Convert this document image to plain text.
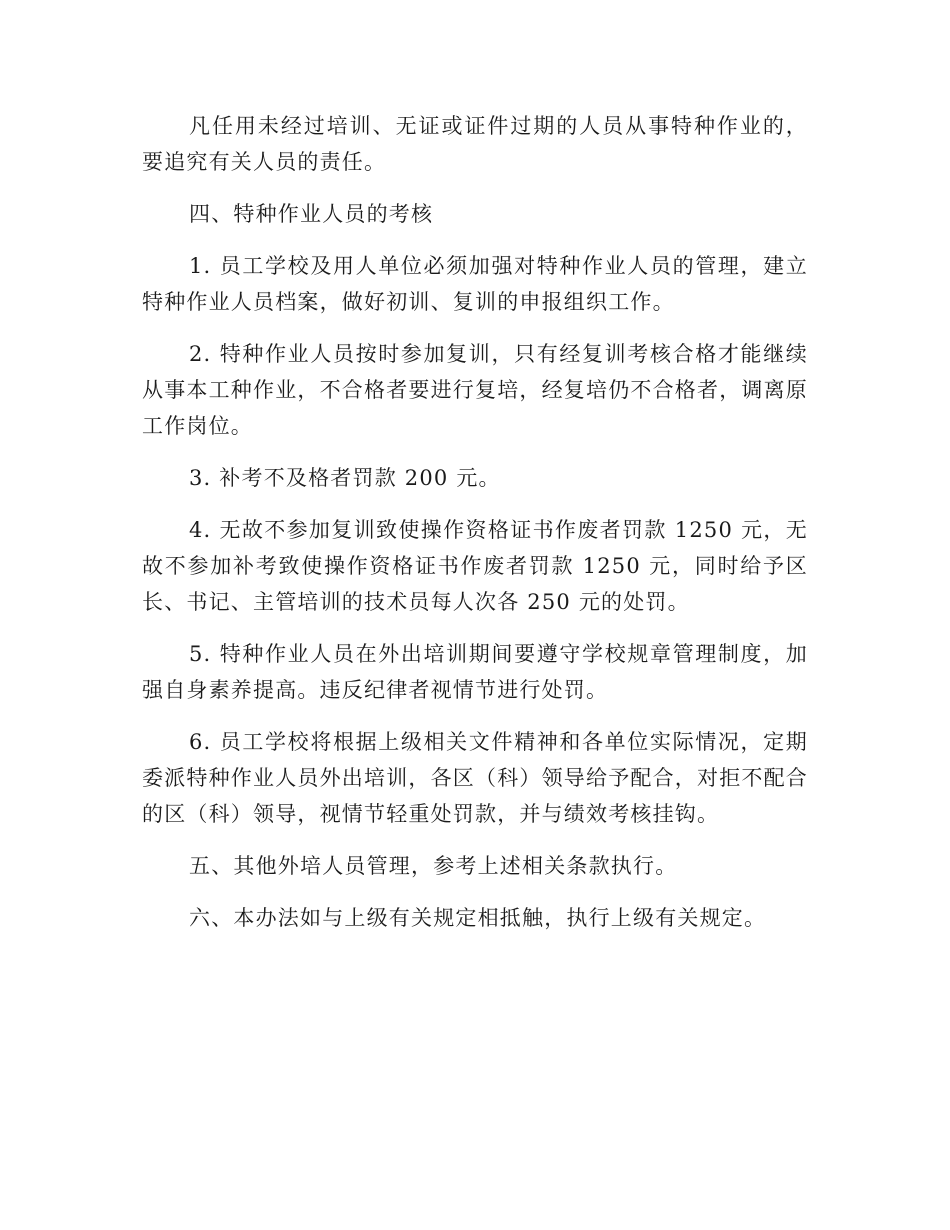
凡任用未经过培训、无证或证件过期的人员从事特种作业的，要追究有关人员的责任。

四、特种作业人员的考核

1. 员工学校及用人单位必须加强对特种作业人员的管理，建立特种作业人员档案，做好初训、复训的申报组织工作。

2. 特种作业人员按时参加复训，只有经复训考核合格才能继续从事本工种作业，不合格者要进行复培，经复培仍不合格者，调离原工作岗位。

3. 补考不及格者罚款 200 元。

4. 无故不参加复训致使操作资格证书作废者罚款 1250 元，无故不参加补考致使操作资格证书作废者罚款 1250 元，同时给予区长、书记、主管培训的技术员每人次各 250 元的处罚。

5. 特种作业人员在外出培训期间要遵守学校规章管理制度，加强自身素养提高。违反纪律者视情节进行处罚。

6. 员工学校将根据上级相关文件精神和各单位实际情况，定期委派特种作业人员外出培训，各区（科）领导给予配合，对拒不配合的区（科）领导，视情节轻重处罚款，并与绩效考核挂钩。

五、其他外培人员管理，参考上述相关条款执行。

六、本办法如与上级有关规定相抵触，执行上级有关规定。
